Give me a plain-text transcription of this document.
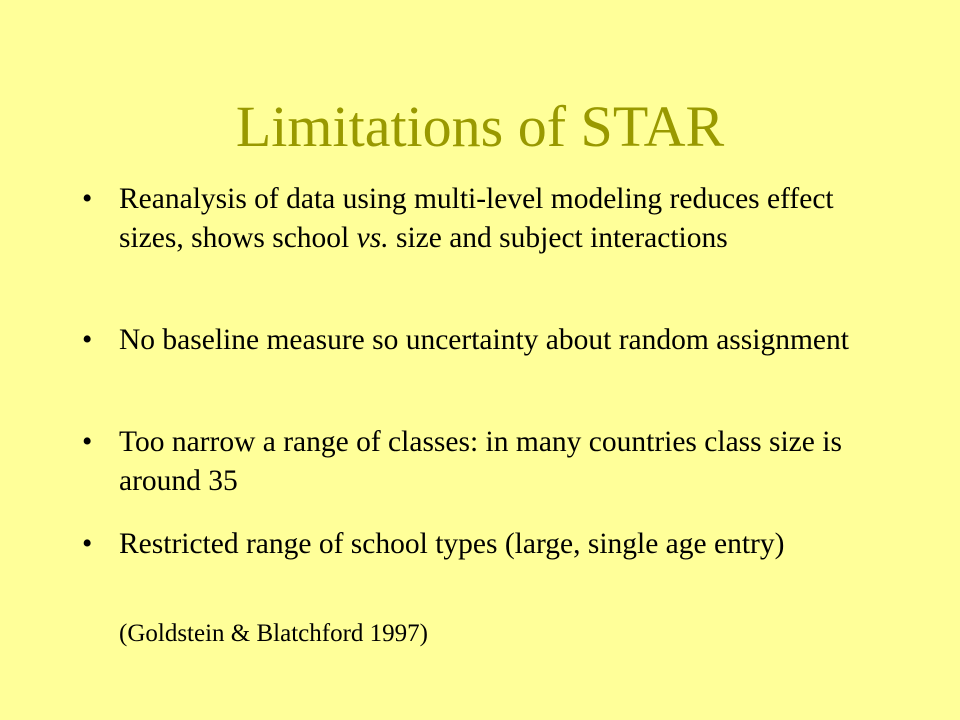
Limitations of STAR
• Reanalysis of data using multi-level modeling reduces effect sizes, shows school vs. size and subject interactions
• No baseline measure so uncertainty about random assignment
• Too narrow a range of classes: in many countries class size is around 35
• Restricted range of school types (large, single age entry)
(Goldstein & Blatchford 1997)
